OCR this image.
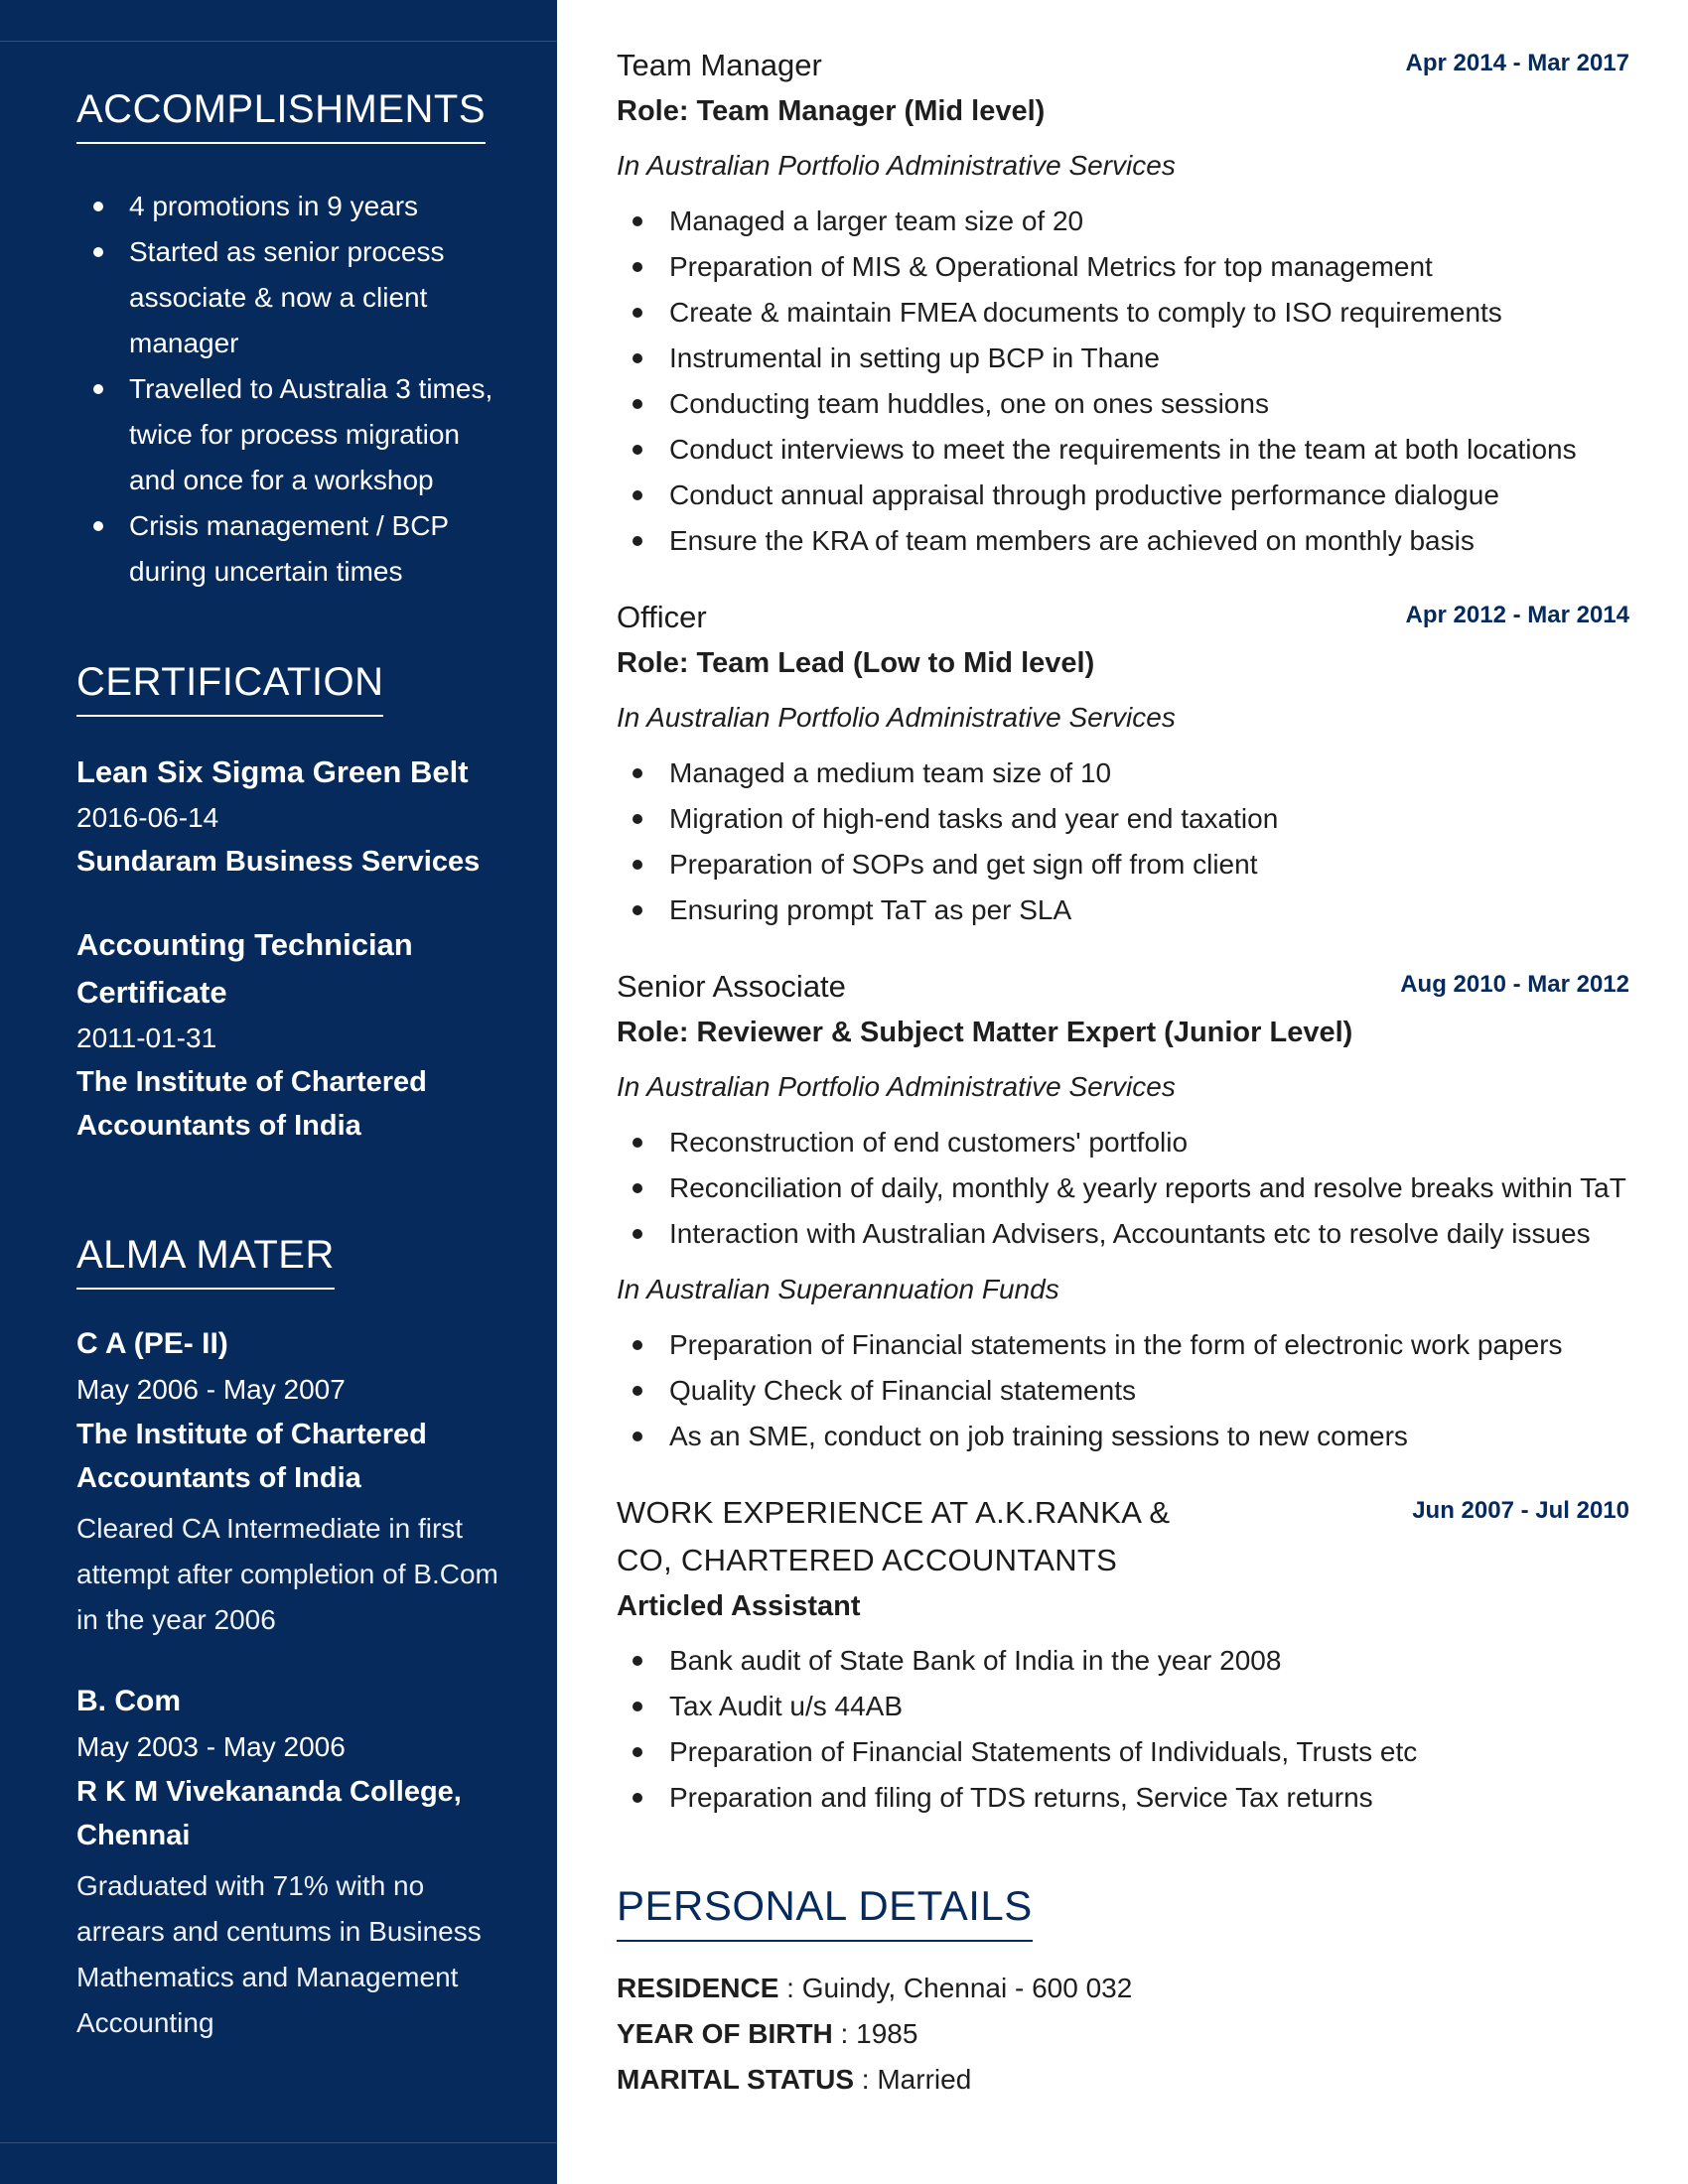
ACCOMPLISHMENTS
4 promotions in 9 years
Started as senior process associate & now a client manager
Travelled to Australia 3 times, twice for process migration and once for a workshop
Crisis management / BCP during uncertain times
CERTIFICATION
Lean Six Sigma Green Belt
2016-06-14
Sundaram Business Services
Accounting Technician Certificate
2011-01-31
The Institute of Chartered Accountants of India
ALMA MATER
C A (PE- II)
May 2006 - May 2007
The Institute of Chartered Accountants of India
Cleared CA Intermediate in first attempt after completion of B.Com in the year 2006
B. Com
May 2003 - May 2006
R K M Vivekananda College, Chennai
Graduated with 71% with no arrears and centums in Business Mathematics and Management Accounting
Team Manager	Apr 2014 - Mar 2017
Role: Team Manager (Mid level)
In Australian Portfolio Administrative Services
Managed a larger team size of 20
Preparation of MIS & Operational Metrics for top management
Create & maintain FMEA documents to comply to ISO requirements
Instrumental in setting up BCP in Thane
Conducting team huddles, one on ones sessions
Conduct interviews to meet the requirements in the team at both locations
Conduct annual appraisal through productive performance dialogue
Ensure the KRA of team members are achieved on monthly basis
Officer	Apr 2012 - Mar 2014
Role: Team Lead (Low to Mid level)
In Australian Portfolio Administrative Services
Managed a medium team size of 10
Migration of high-end tasks and year end taxation
Preparation of SOPs and get sign off from client
Ensuring prompt TaT as per SLA
Senior Associate	Aug 2010 - Mar 2012
Role: Reviewer & Subject Matter Expert (Junior Level)
In Australian Portfolio Administrative Services
Reconstruction of end customers' portfolio
Reconciliation of daily, monthly & yearly reports and resolve breaks within TaT
Interaction with Australian Advisers, Accountants etc to resolve daily issues
In Australian Superannuation Funds
Preparation of Financial statements in the form of electronic work papers
Quality Check of Financial statements
As an SME, conduct on job training sessions to new comers
WORK EXPERIENCE AT A.K.RANKA & CO, CHARTERED ACCOUNTANTS
Jun 2007 - Jul 2010
Articled Assistant
Bank audit of State Bank of India in the year 2008
Tax Audit u/s 44AB
Preparation of Financial Statements of Individuals, Trusts etc
Preparation and filing of TDS returns, Service Tax returns
PERSONAL DETAILS
RESIDENCE : Guindy, Chennai - 600 032
YEAR OF BIRTH : 1985
MARITAL STATUS : Married
